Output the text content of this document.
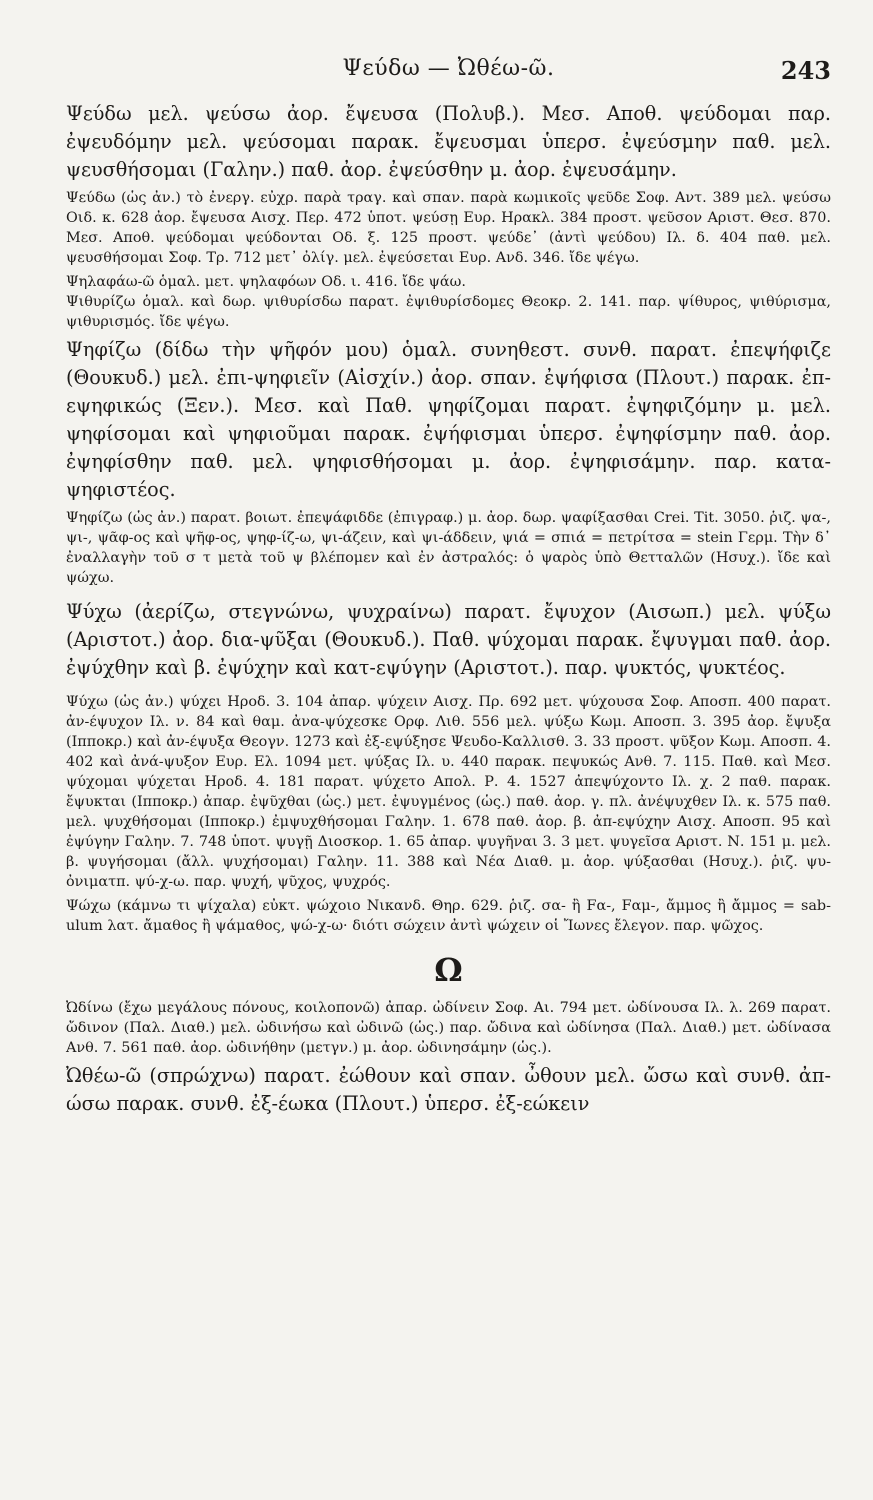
Ψεύδω — Ὠθέω-ῶ.	243

Ψεύδω μελ. ψεύσω ἀορ. ἔψευσα (Πολυβ.). Μεσ. Αποθ. ψεύδομαι παρ. ἐψευδόμην μελ. ψεύσομαι παρακ. ἔψευσμαι ὑπερσ. ἐψεύσμην παθ. μελ. ψευσθήσομαι (Γαλην.) παθ. ἀορ. ἐψεύσθην μ. ἀορ. ἐψευσάμην.

Ψεύδω (ὡς ἀν.) τὸ ἐνεργ. εὐχρ. παρὰ τραγ. καὶ σπαν. παρὰ κωμικοῖς ψεῦδε Σοφ. Αντ. 389 μελ. ψεύσω Οιδ. κ. 628 ἀορ. ἔψευσα Αισχ. Περ. 472 ὑποτ. ψεύσῃ Ευρ. Ηρακλ. 384 προστ. ψεῦσον Αριστ. Θεσ. 870. Μεσ. Αποθ. ψεύδομαι ψεύδονται Οδ. ξ. 125 προστ. ψεύδε᾿ (ἀντὶ ψεύδου) Ιλ. δ. 404 παθ. μελ. ψευσθήσομαι Σοφ. Τρ. 712 μετ᾿ ὀλίγ. μελ. ἐψεύσεται Ευρ. Ανδ. 346. ἴδε ψέγω.

Ψηλαφάω-ῶ ὁμαλ. μετ. ψηλαφόων Οδ. ι. 416. ἴδε ψάω.

Ψιθυρίζω ὁμαλ. καὶ δωρ. ψιθυρίσδω παρατ. ἐψιθυρίσδομες Θεοκρ. 2. 141. παρ. ψίθυρος, ψιθύρισμα, ψιθυρισμός. ἴδε ψέγω.

Ψηφίζω (δίδω τὴν ψῆφόν μου) ὁμαλ. συνηθεστ. συνθ. παρατ. ἐπεψήφιζε (Θουκυδ.) μελ. ἐπι-ψηφιεῖν (Αἰσχίν.) ἀορ. σπαν. ἐψήφισα (Πλουτ.) παρακ. ἐπ-εψηφικώς (Ξεν.). Μεσ. καὶ Παθ. ψηφίζομαι παρατ. ἐψηφιζόμην μ. μελ. ψηφίσομαι καὶ ψηφιοῦμαι παρακ. ἐψήφισμαι ὑπερσ. ἐψηφίσμην παθ. ἀορ. ἐψηφίσθην παθ. μελ. ψηφισθήσομαι μ. ἀορ. ἐψηφισάμην. παρ. κατα-ψηφιστέος.

Ψηφίζω (ὡς ἀν.) παρατ. βοιωτ. ἐπεψάφιδδε (ἐπιγραφ.) μ. ἀορ. δωρ. ψαφίξασθαι Crei. Tit. 3050. ῥιζ. ψα-, ψι-, ψᾶφ-ος καὶ ψῆφ-ος, ψηφ-ίζ-ω, ψι-άζειν, καὶ ψι-άδδειν, ψιά = σπιά = πετρίτσα = stein Γερμ. Τὴν δ᾿ ἐναλλαγὴν τοῦ σ τ μετὰ τοῦ ψ βλέπομεν καὶ ἐν ἀστραλός: ὁ ψαρὸς ὑπὸ Θετταλῶν (Ησυχ.). ἴδε καὶ ψώχω.

Ψύχω (ἀερίζω, στεγνώνω, ψυχραίνω) παρατ. ἔψυχον (Αισωπ.) μελ. ψύξω (Αριστοτ.) ἀορ. δια-ψῦξαι (Θουκυδ.). Παθ. ψύχομαι παρακ. ἔψυγμαι παθ. ἀορ. ἐψύχθην καὶ β. ἐψύχην καὶ κατ-εψύγην (Αριστοτ.). παρ. ψυκτός, ψυκτέος.

Ψύχω (ὡς ἀν.) ψύχει Ηροδ. 3. 104 ἀπαρ. ψύχειν Αισχ. Πρ. 692 μετ. ψύχουσα Σοφ. Αποσπ. 400 παρατ. ἀν-έψυχον Ιλ. ν. 84 καὶ θαμ. ἀνα-ψύχεσκε Ορφ. Λιθ. 556 μελ. ψύξω Κωμ. Αποσπ. 3. 395 ἀορ. ἔψυξα (Ιπποκρ.) καὶ ἀν-έψυξα Θεογν. 1273 καὶ ἐξ-εψύξησε Ψευδο-Καλλισθ. 3. 33 προστ. ψῦξον Κωμ. Αποσπ. 4. 402 καὶ ἀνά-ψυξον Ευρ. Ελ. 1094 μετ. ψύξας Ιλ. υ. 440 παρακ. πεψυκώς Ανθ. 7. 115. Παθ. καὶ Μεσ. ψύχομαι ψύχεται Ηροδ. 4. 181 παρατ. ψύχετο Απολ. Ρ. 4. 1527 ἀπεψύχοντο Ιλ. χ. 2 παθ. παρακ. ἔψυκται (Ιπποκρ.) ἀπαρ. ἐψῦχθαι (ὡς.) μετ. ἐψυγμένος (ὡς.) παθ. ἀορ. γ. πλ. ἀνέψυχθεν Ιλ. κ. 575 παθ. μελ. ψυχθήσομαι (Ιπποκρ.) ἐμψυχθήσομαι Γαλην. 1. 678 παθ. ἀορ. β. ἀπ-εψύχην Αισχ. Αποσπ. 95 καὶ ἐψύγην Γαλην. 7. 748 ὑποτ. ψυγῇ Διοσκορ. 1. 65 ἀπαρ. ψυγῆναι 3. 3 μετ. ψυγεῖσα Αριστ. Ν. 151 μ. μελ. β. ψυγήσομαι (ἄλλ. ψυχήσομαι) Γαλην. 11. 388 καὶ Νέα Διαθ. μ. ἀορ. ψύξασθαι (Ησυχ.). ῥιζ. ψυ- ὀνιματπ. ψύ-χ-ω. παρ. ψυχή, ψῦχος, ψυχρός.

Ψώχω (κάμνω τι ψίχαλα) εὐκτ. ψώχοιο Νικανδ. Θηρ. 629. ῥιζ. σα- ἢ Fα-, Fαμ-, ἄμμος ἢ ἄμμος = sab-ulum λατ. ἄμαθος ἢ ψάμαθος, ψώ-χ-ω· διότι σώχειν ἀντὶ ψώχειν οἱ Ἴωνες ἔλεγον. παρ. ψῶχος.

Ω

Ὠδίνω (ἔχω μεγάλους πόνους, κοιλοπονῶ) ἀπαρ. ὠδίνειν Σοφ. Αι. 794 μετ. ὠδίνουσα Ιλ. λ. 269 παρατ. ὤδινον (Παλ. Διαθ.) μελ. ὠδινήσω καὶ ὠδινῶ (ὡς.) παρ. ὤδινα καὶ ὠδίνησα (Παλ. Διαθ.) μετ. ὠδίνασα Ανθ. 7. 561 παθ. ἀορ. ὠδινήθην (μετγν.) μ. ἀορ. ὠδινησάμην (ὡς.).

Ὠθέω-ῶ (σπρώχνω) παρατ. ἐώθουν καὶ σπαν. ὦθουν μελ. ὤσω καὶ συνθ. ἀπ-ώσω παρακ. συνθ. ἐξ-έωκα (Πλουτ.) ὑπερσ. ἐξ-εώκειν
